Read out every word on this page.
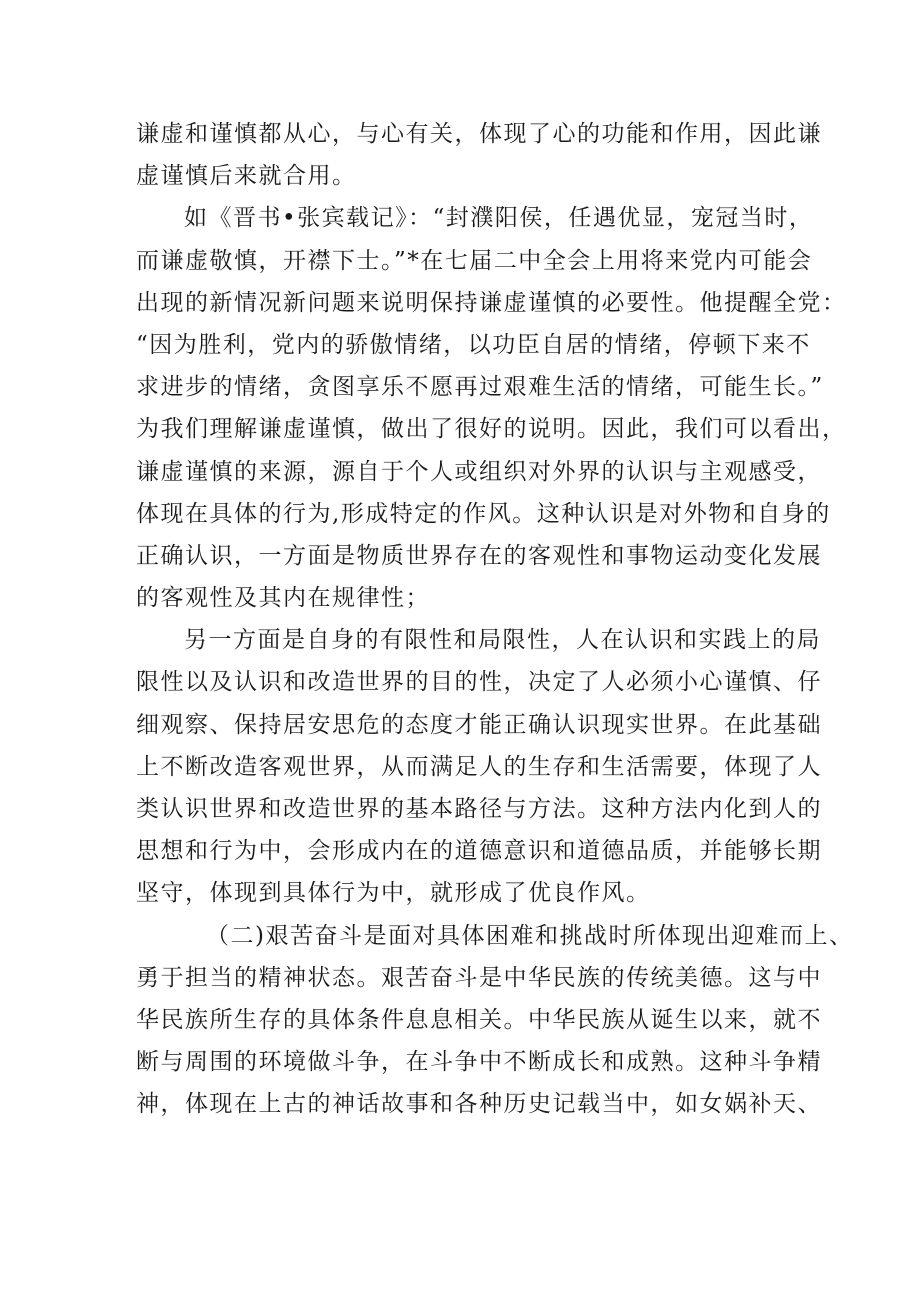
谦虚和谨慎都从心，与心有关，体现了心的功能和作用，因此谦
虚谨慎后来就合用。
如《晋书•张宾载记》：“封濮阳侯，任遇优显，宠冠当时，
而谦虚敬慎，开襟下士。”*在七届二中全会上用将来党内可能会
出现的新情况新问题来说明保持谦虚谨慎的必要性。他提醒全党：
“因为胜利，党内的骄傲情绪，以功臣自居的情绪，停顿下来不
求进步的情绪，贪图享乐不愿再过艰难生活的情绪，可能生长。”
为我们理解谦虚谨慎，做出了很好的说明。因此，我们可以看出，
谦虚谨慎的来源，源自于个人或组织对外界的认识与主观感受，
体现在具体的行为,形成特定的作风。这种认识是对外物和自身的
正确认识，一方面是物质世界存在的客观性和事物运动变化发展
的客观性及其内在规律性；
另一方面是自身的有限性和局限性，人在认识和实践上的局
限性以及认识和改造世界的目的性，决定了人必须小心谨慎、仔
细观察、保持居安思危的态度才能正确认识现实世界。在此基础
上不断改造客观世界，从而满足人的生存和生活需要，体现了人
类认识世界和改造世界的基本路径与方法。这种方法内化到人的
思想和行为中，会形成内在的道德意识和道德品质，并能够长期
坚守，体现到具体行为中，就形成了优良作风。
（二)艰苦奋斗是面对具体困难和挑战时所体现出迎难而上、
勇于担当的精神状态。艰苦奋斗是中华民族的传统美德。这与中
华民族所生存的具体条件息息相关。中华民族从诞生以来，就不
断与周围的环境做斗争，在斗争中不断成长和成熟。这种斗争精
神，体现在上古的神话故事和各种历史记载当中，如女娲补天、
